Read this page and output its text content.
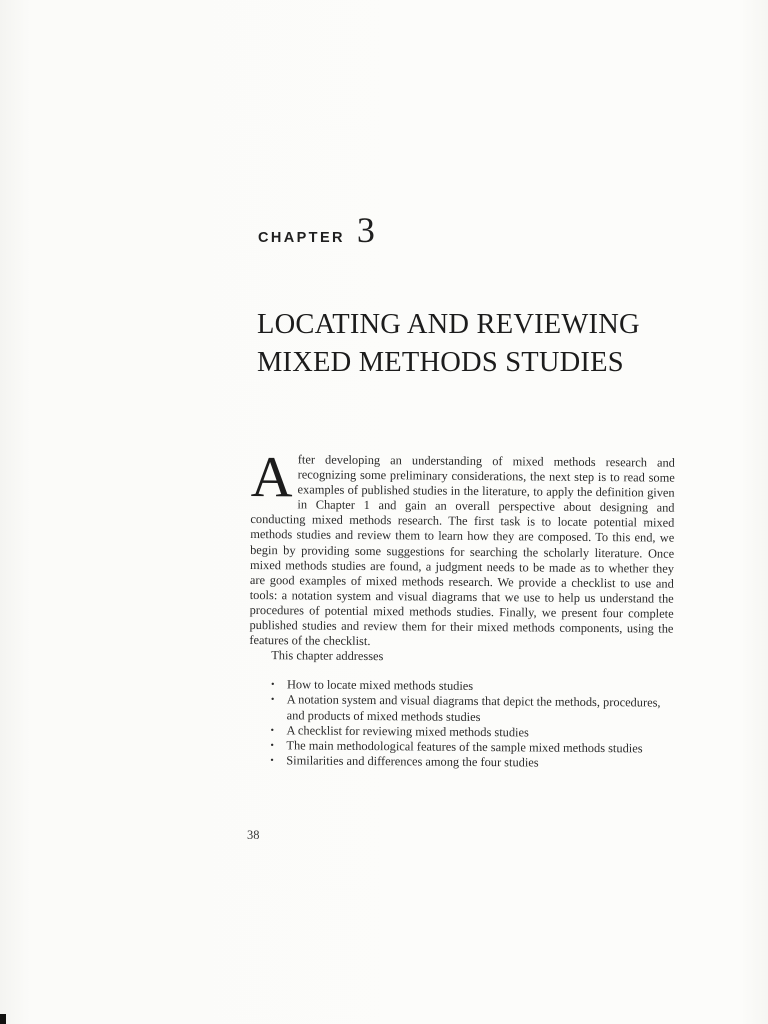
CHAPTER 3
LOCATING AND REVIEWING
MIXED METHODS STUDIES

After developing an understanding of mixed methods research and recognizing some preliminary considerations, the next step is to read some examples of published studies in the literature, to apply the definition given in Chapter 1 and gain an overall perspective about designing and conducting mixed methods research. The first task is to locate potential mixed methods studies and review them to learn how they are composed. To this end, we begin by providing some suggestions for searching the scholarly literature. Once mixed methods studies are found, a judgment needs to be made as to whether they are good examples of mixed methods research. We provide a checklist to use and tools: a notation system and visual diagrams that we use to help us understand the procedures of potential mixed methods studies. Finally, we present four complete published studies and review them for their mixed methods components, using the features of the checklist.

This chapter addresses

• How to locate mixed methods studies
• A notation system and visual diagrams that depict the methods, procedures, and products of mixed methods studies
• A checklist for reviewing mixed methods studies
• The main methodological features of the sample mixed methods studies
• Similarities and differences among the four studies
38
